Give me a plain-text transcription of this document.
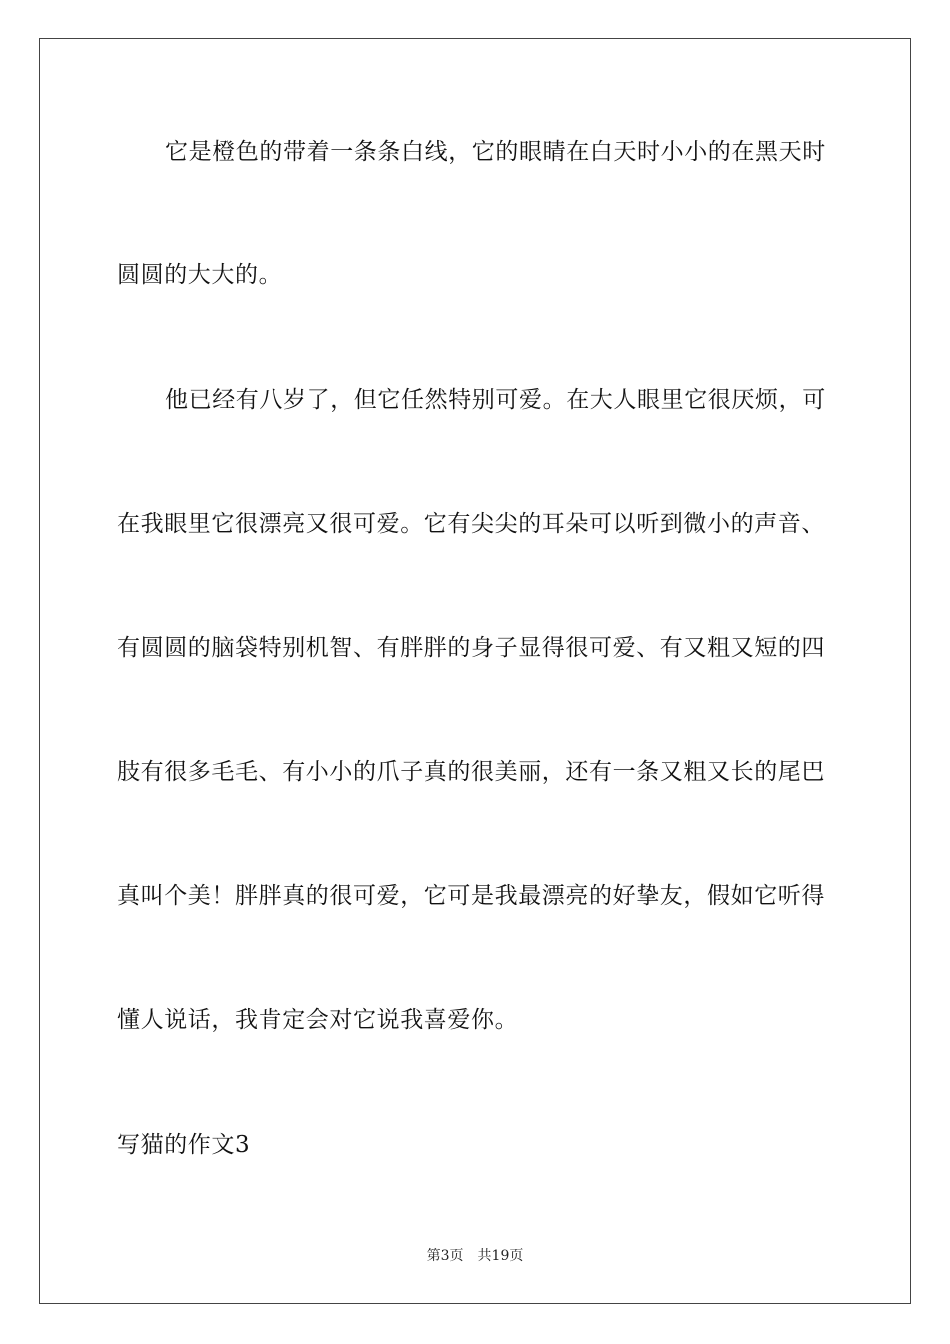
它是橙色的带着一条条白线，它的眼睛在白天时小小的在黑天时
圆圆的大大的。
他已经有八岁了，但它任然特别可爱。在大人眼里它很厌烦，可
在我眼里它很漂亮又很可爱。它有尖尖的耳朵可以听到微小的声音、
有圆圆的脑袋特别机智、有胖胖的身子显得很可爱、有又粗又短的四
肢有很多毛毛、有小小的爪子真的很美丽，还有一条又粗又长的尾巴
真叫个美！胖胖真的很可爱，它可是我最漂亮的好挚友，假如它听得
懂人说话，我肯定会对它说我喜爱你。
写猫的作文3
第3页 共19页
